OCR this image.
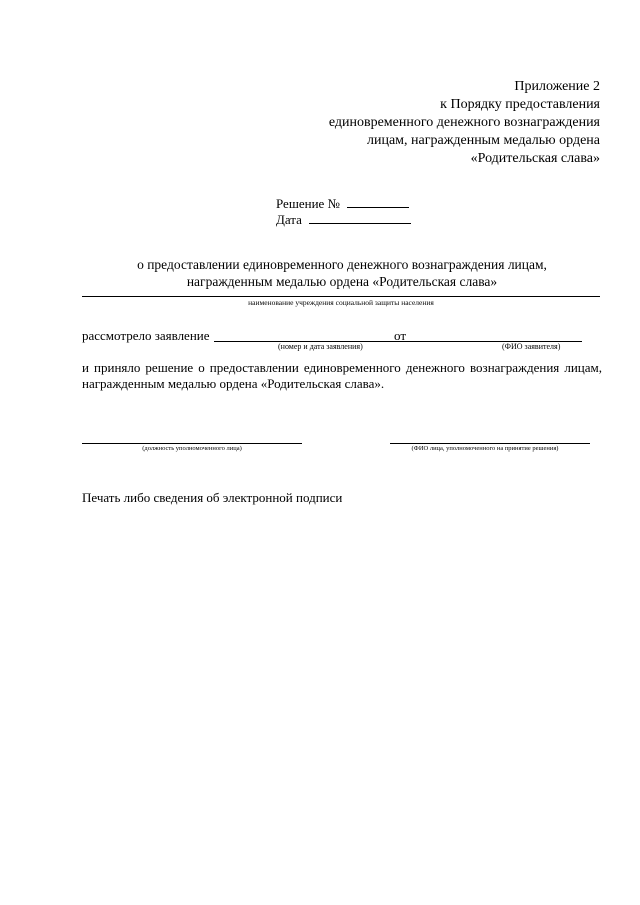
Приложение 2
к Порядку предоставления
единовременного денежного вознаграждения
лицам, награжденным медалью ордена
«Родительская слава»
Решение №
Дата
о предоставлении единовременного денежного вознаграждения лицам,
награжденным медалью ордена «Родительская слава»
наименование учреждения социальной защиты населения
рассмотрело заявление	от
(номер и дата заявления)	(ФИО заявителя)
и приняло решение о предоставлении единовременного денежного вознаграждения лицам, награжденным медалью ордена «Родительская слава».
(должность уполномоченного лица)	(ФИО лица, уполномоченного на принятие решения)
Печать либо сведения об электронной подписи
